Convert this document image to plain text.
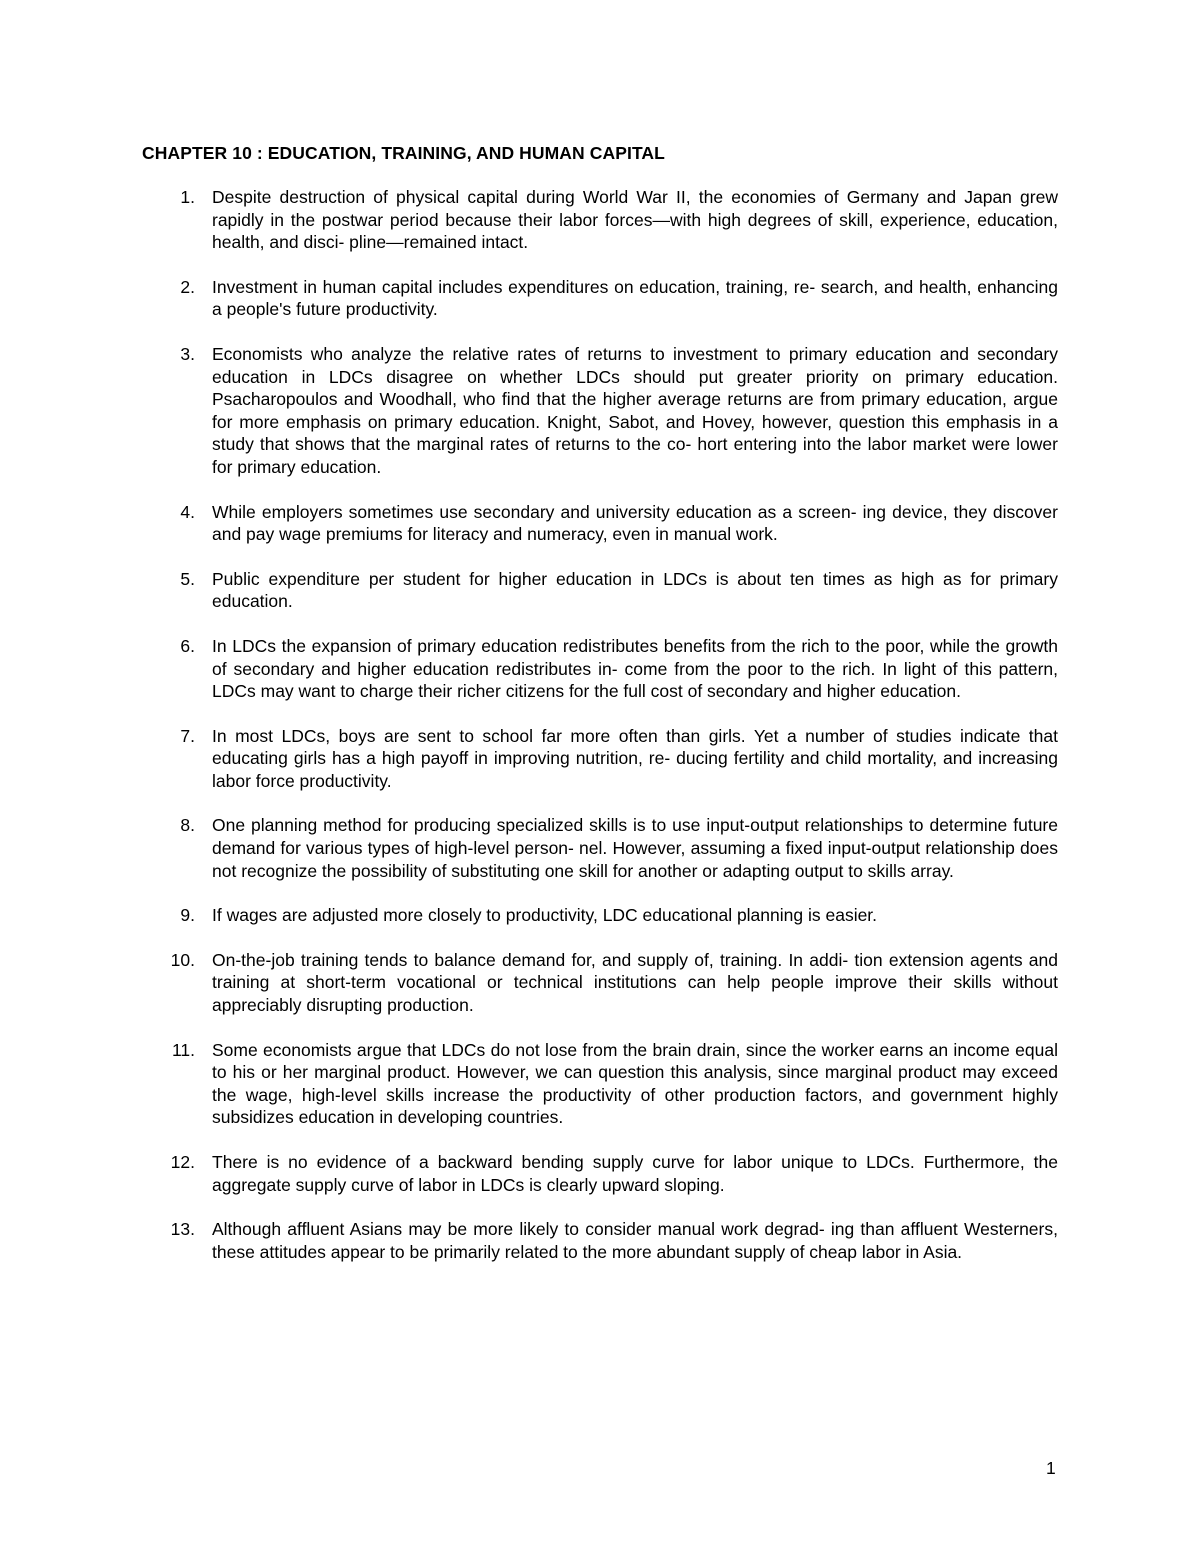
CHAPTER 10 : EDUCATION, TRAINING, AND HUMAN CAPITAL
1. Despite destruction of physical capital during World War II, the economies of Germany and Japan grew rapidly in the postwar period because their labor forces—with high degrees of skill, experience, education, health, and disci- pline—remained intact.
2. Investment in human capital includes expenditures on education, training, re- search, and health, enhancing a people's future productivity.
3. Economists who analyze the relative rates of returns to investment to primary education and secondary education in LDCs disagree on whether LDCs should put greater priority on primary education. Psacharopoulos and Woodhall, who find that the higher average returns are from primary education, argue for more emphasis on primary education. Knight, Sabot, and Hovey, however, question this emphasis in a study that shows that the marginal rates of returns to the co- hort entering into the labor market were lower for primary education.
4. While employers sometimes use secondary and university education as a screen- ing device, they discover and pay wage premiums for literacy and numeracy, even in manual work.
5. Public expenditure per student for higher education in LDCs is about ten times as high as for primary education.
6. In LDCs the expansion of primary education redistributes benefits from the rich to the poor, while the growth of secondary and higher education redistributes in- come from the poor to the rich. In light of this pattern, LDCs may want to charge their richer citizens for the full cost of secondary and higher education.
7. In most LDCs, boys are sent to school far more often than girls. Yet a number of studies indicate that educating girls has a high payoff in improving nutrition, re- ducing fertility and child mortality, and increasing labor force productivity.
8. One planning method for producing specialized skills is to use input-output relationships to determine future demand for various types of high-level person- nel. However, assuming a fixed input-output relationship does not recognize the possibility of substituting one skill for another or adapting output to skills array.
9. If wages are adjusted more closely to productivity, LDC educational planning is easier.
10. On-the-job training tends to balance demand for, and supply of, training. In addi- tion extension agents and training at short-term vocational or technical institutions can help people improve their skills without appreciably disrupting production.
11. Some economists argue that LDCs do not lose from the brain drain, since the worker earns an income equal to his or her marginal product. However, we can question this analysis, since marginal product may exceed the wage, high-level skills increase the productivity of other production factors, and government highly subsidizes education in developing countries.
12. There is no evidence of a backward bending supply curve for labor unique to LDCs. Furthermore, the aggregate supply curve of labor in LDCs is clearly upward sloping.
13. Although affluent Asians may be more likely to consider manual work degrad- ing than affluent Westerners, these attitudes appear to be primarily related to the more abundant supply of cheap labor in Asia.
1
